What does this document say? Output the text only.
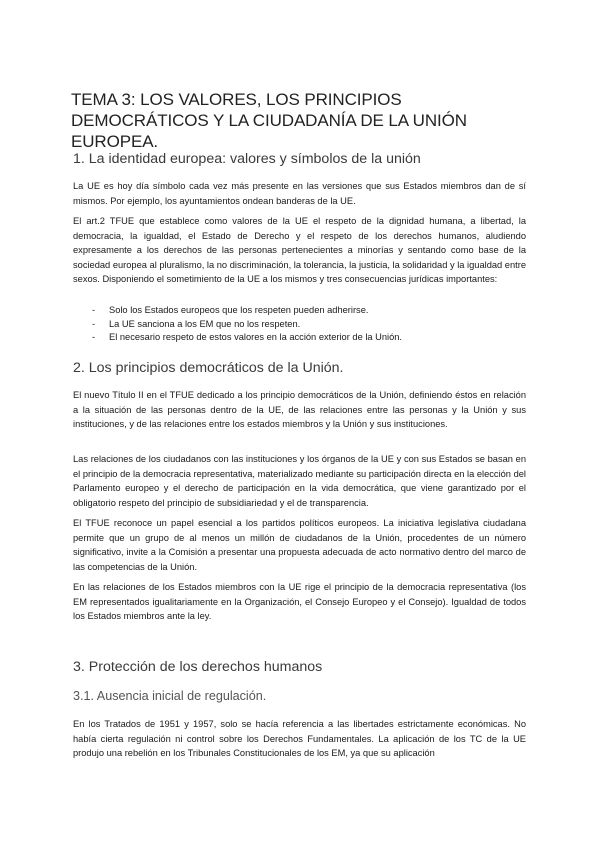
TEMA 3: LOS VALORES, LOS PRINCIPIOS DEMOCRÁTICOS Y LA CIUDADANÍA DE LA UNIÓN EUROPEA.
1. La identidad europea: valores y símbolos de la unión

La UE es hoy día símbolo cada vez más presente en las versiones que sus Estados miembros dan de sí mismos. Por ejemplo, los ayuntamientos ondean banderas de la UE.

El art.2 TFUE que establece como valores de la UE el respeto de la dignidad humana, a libertad, la democracia, la igualdad, el Estado de Derecho y el respeto de los derechos humanos, aludiendo expresamente a los derechos de las personas pertenecientes a minorías y sentando como base de la sociedad europea al pluralismo, la no discriminación, la tolerancia, la justicia, la solidaridad y la igualdad entre sexos. Disponiendo el sometimiento de la UE a los mismos y tres consecuencias jurídicas importantes:

-	Solo los Estados europeos que los respeten pueden adherirse.
-	La UE sanciona a los EM que no los respeten.
-	El necesario respeto de estos valores en la acción exterior de la Unión.
2. Los principios democráticos de la Unión.

El nuevo Título II en el TFUE dedicado a los principio democráticos de la Unión, definiendo éstos en relación a la situación de las personas dentro de la UE, de las relaciones entre las personas y la Unión y sus instituciones, y de las relaciones entre los estados miembros y la Unión y sus instituciones.

Las relaciones de los ciudadanos con las instituciones y los órganos de la UE y con sus Estados se basan en el principio de la democracia representativa, materializado mediante su participación directa en la elección del Parlamento europeo y el derecho de participación en la vida democrática, que viene garantizado por el obligatorio respeto del principio de subsidiariedad y el de transparencia.

El TFUE reconoce un papel esencial a los partidos políticos europeos. La iniciativa legislativa ciudadana permite que un grupo de al menos un millón de ciudadanos de la Unión, procedentes de un número significativo, invite a la Comisión a presentar una propuesta adecuada de acto normativo dentro del marco de las competencias de la Unión.

En las relaciones de los Estados miembros con la UE rige el principio de la democracia representativa (los EM representados igualitariamente en la Organización, el Consejo Europeo y el Consejo). Igualdad de todos los Estados miembros ante la ley.

3. Protección de los derechos humanos
3.1. Ausencia inicial de regulación.

En los Tratados de 1951 y 1957, solo se hacía referencia a las libertades estrictamente económicas. No había cierta regulación ni control sobre los Derechos Fundamentales. La aplicación de los TC de la UE produjo una rebelión en los Tribunales Constitucionales de los EM, ya que su aplicación
